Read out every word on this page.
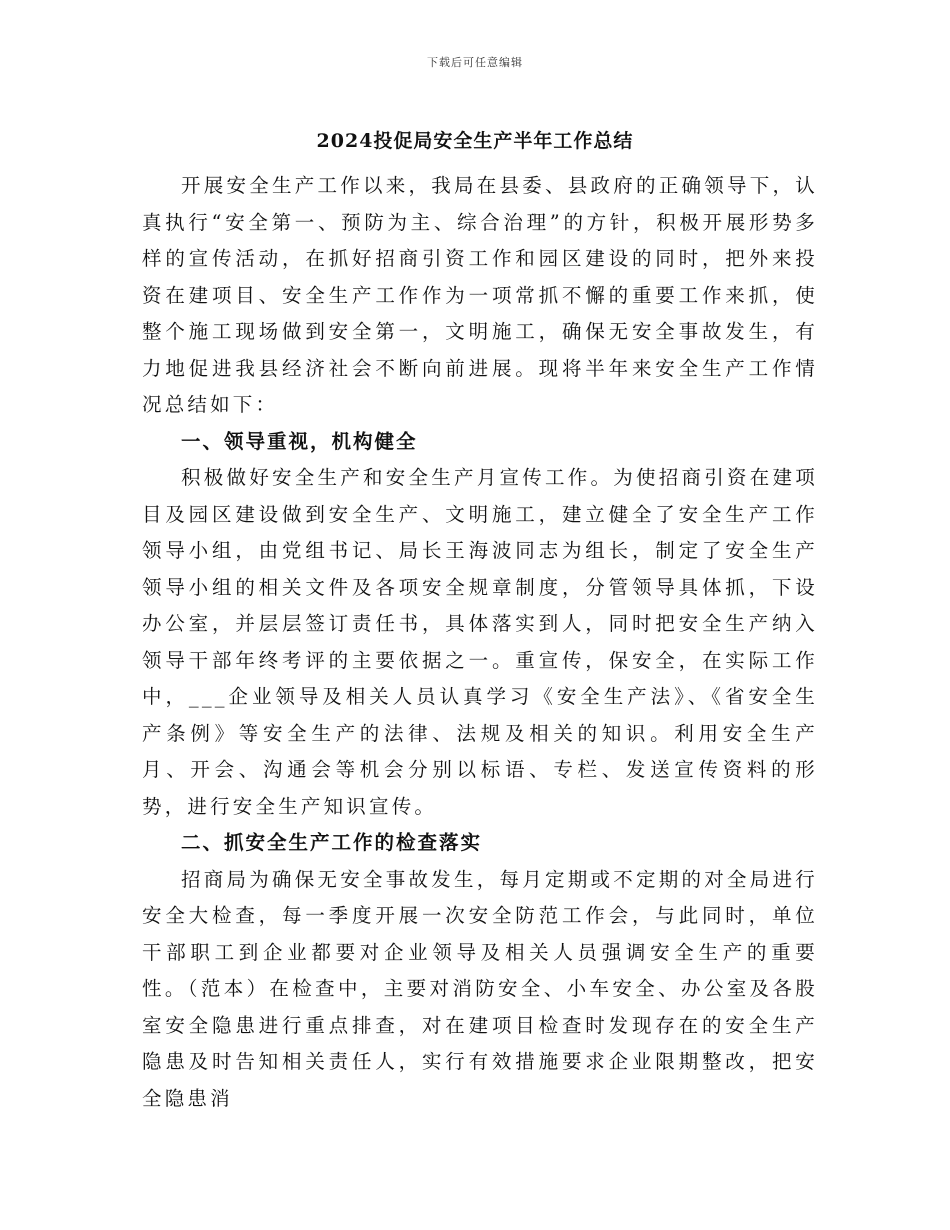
下载后可任意编辑
2024投促局安全生产半年工作总结

开展安全生产工作以来，我局在县委、县政府的正确领导下，认真执行“安全第一、预防为主、综合治理”的方针，积极开展形势多样的宣传活动，在抓好招商引资工作和园区建设的同时，把外来投资在建项目、安全生产工作作为一项常抓不懈的重要工作来抓，使整个施工现场做到安全第一，文明施工，确保无安全事故发生，有力地促进我县经济社会不断向前进展。现将半年来安全生产工作情况总结如下：

一、领导重视，机构健全

积极做好安全生产和安全生产月宣传工作。为使招商引资在建项目及园区建设做到安全生产、文明施工，建立健全了安全生产工作领导小组，由党组书记、局长王海波同志为组长，制定了安全生产领导小组的相关文件及各项安全规章制度，分管领导具体抓，下设办公室，并层层签订责任书，具体落实到人，同时把安全生产纳入领导干部年终考评的主要依据之一。重宣传，保安全，在实际工作中，___企业领导及相关人员认真学习《安全生产法》、《省安全生产条例》等安全生产的法律、法规及相关的知识。利用安全生产月、开会、沟通会等机会分别以标语、专栏、发送宣传资料的形势，进行安全生产知识宣传。

二、抓安全生产工作的检查落实

招商局为确保无安全事故发生，每月定期或不定期的对全局进行安全大检查，每一季度开展一次安全防范工作会，与此同时，单位干部职工到企业都要对企业领导及相关人员强调安全生产的重要性。（范本）在检查中，主要对消防安全、小车安全、办公室及各股室安全隐患进行重点排查，对在建项目检查时发现存在的安全生产隐患及时告知相关责任人，实行有效措施要求企业限期整改，把安全隐患消
